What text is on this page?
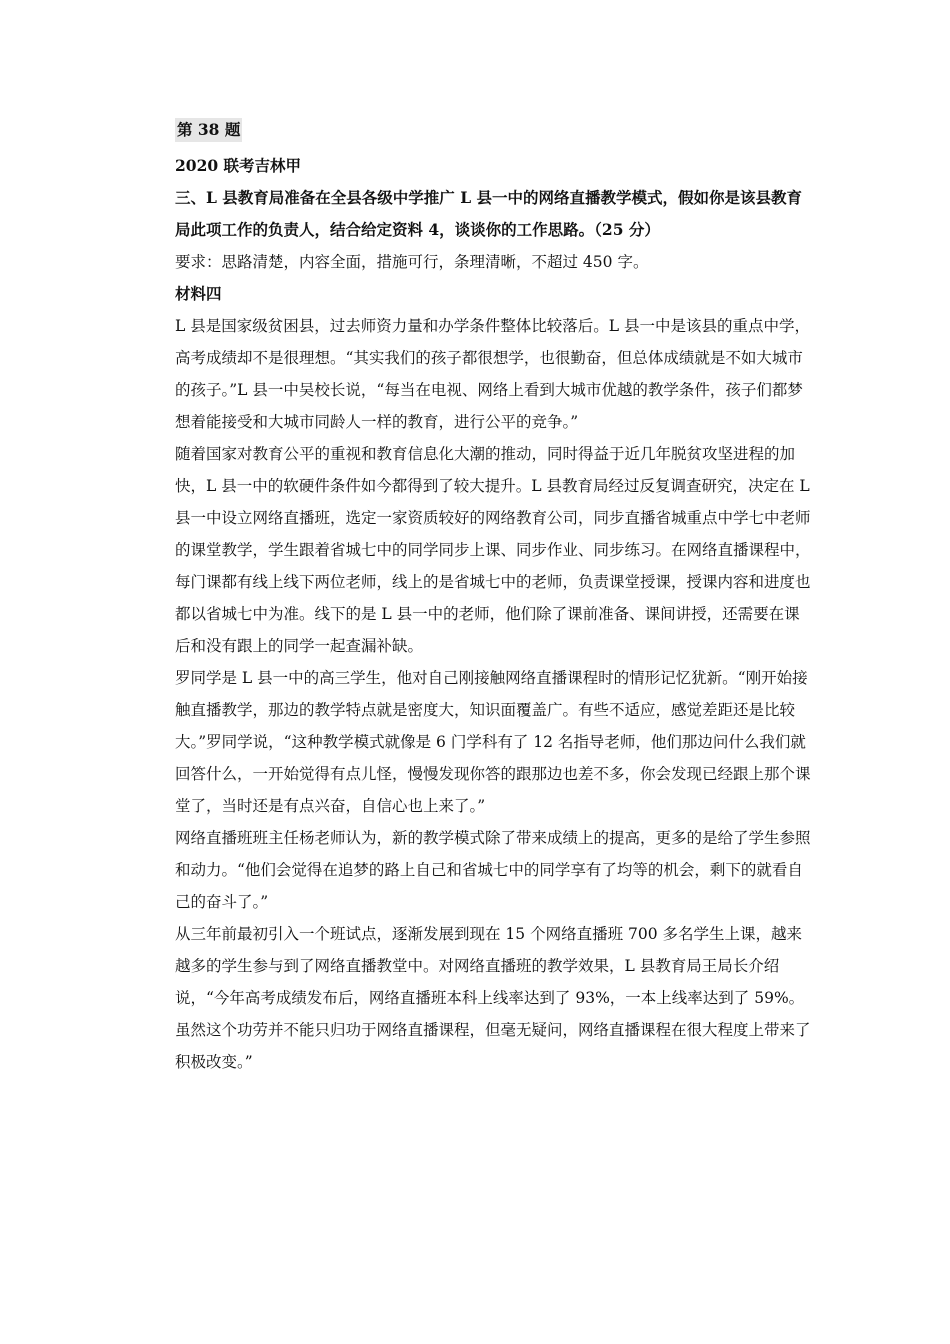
第 38 题

2020 联考吉林甲

三、L 县教育局准备在全县各级中学推广 L 县一中的网络直播教学模式，假如你是该县教育局此项工作的负责人，结合给定资料 4，谈谈你的工作思路。（25 分）

要求：思路清楚，内容全面，措施可行，条理清晰，不超过 450 字。

材料四

L 县是国家级贫困县，过去师资力量和办学条件整体比较落后。L 县一中是该县的重点中学，高考成绩却不是很理想。“其实我们的孩子都很想学，也很勤奋，但总体成绩就是不如大城市的孩子。”L 县一中吴校长说，“每当在电视、网络上看到大城市优越的教学条件，孩子们都梦想着能接受和大城市同龄人一样的教育，进行公平的竞争。”

随着国家对教育公平的重视和教育信息化大潮的推动，同时得益于近几年脱贫攻坚进程的加快，L 县一中的软硬件条件如今都得到了较大提升。L 县教育局经过反复调查研究，决定在 L 县一中设立网络直播班，选定一家资质较好的网络教育公司，同步直播省城重点中学七中老师的课堂教学，学生跟着省城七中的同学同步上课、同步作业、同步练习。在网络直播课程中，每门课都有线上线下两位老师，线上的是省城七中的老师，负责课堂授课，授课内容和进度也都以省城七中为准。线下的是 L 县一中的老师，他们除了课前准备、课间讲授，还需要在课后和没有跟上的同学一起查漏补缺。

罗同学是 L 县一中的高三学生，他对自己刚接触网络直播课程时的情形记忆犹新。“刚开始接触直播教学，那边的教学特点就是密度大，知识面覆盖广。有些不适应，感觉差距还是比较大。”罗同学说，“这种教学模式就像是 6 门学科有了 12 名指导老师，他们那边问什么我们就回答什么，一开始觉得有点儿怪，慢慢发现你答的跟那边也差不多，你会发现已经跟上那个课堂了，当时还是有点兴奋，自信心也上来了。”

网络直播班班主任杨老师认为，新的教学模式除了带来成绩上的提高，更多的是给了学生参照和动力。“他们会觉得在追梦的路上自己和省城七中的同学享有了均等的机会，剩下的就看自己的奋斗了。”

从三年前最初引入一个班试点，逐渐发展到现在 15 个网络直播班 700 多名学生上课，越来越多的学生参与到了网络直播教堂中。对网络直播班的教学效果，L 县教育局王局长介绍说，“今年高考成绩发布后，网络直播班本科上线率达到了 93%，一本上线率达到了 59%。虽然这个功劳并不能只归功于网络直播课程，但毫无疑问，网络直播课程在很大程度上带来了积极改变。”
